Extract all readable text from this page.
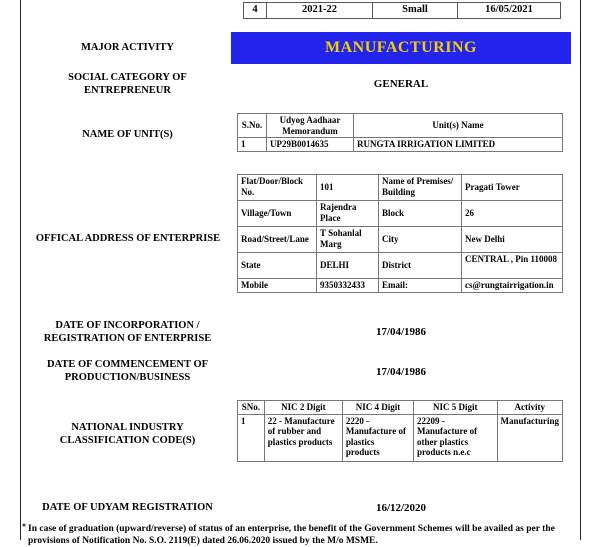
4	2021-22	Small	16/05/2021
MAJOR ACTIVITY	MANUFACTURING
SOCIAL CATEGORY OF ENTREPRENEUR	GENERAL
NAME OF UNIT(S)
S.No.	Udyog Aadhaar Memorandum	Unit(s) Name
1	UP29B0014635	RUNGTA IRRIGATION LIMITED
OFFICAL ADDRESS OF ENTERPRISE
Flat/Door/Block No.	101	Name of Premises/ Building	Pragati Tower
Village/Town	Rajendra Place	Block	26
Road/Street/Lane	T Sohanlal Marg	City	New Delhi
State	DELHI	District	CENTRAL , Pin 110008
Mobile	9350332433	Email:	cs@rungtairrigation.in
DATE OF INCORPORATION / REGISTRATION OF ENTERPRISE	17/04/1986
DATE OF COMMENCEMENT OF PRODUCTION/BUSINESS	17/04/1986
NATIONAL INDUSTRY CLASSIFICATION CODE(S)
SNo.	NIC 2 Digit	NIC 4 Digit	NIC 5 Digit	Activity
1	22 - Manufacture of rubber and plastics products	2220 - Manufacture of plastics products	22209 - Manufacture of other plastics products n.e.c	Manufacturing
DATE OF UDYAM REGISTRATION	16/12/2020
* In case of graduation (upward/reverse) of status of an enterprise, the benefit of the Government Schemes will be availed as per the provisions of Notification No. S.O. 2119(E) dated 26.06.2020 issued by the M/o MSME.
